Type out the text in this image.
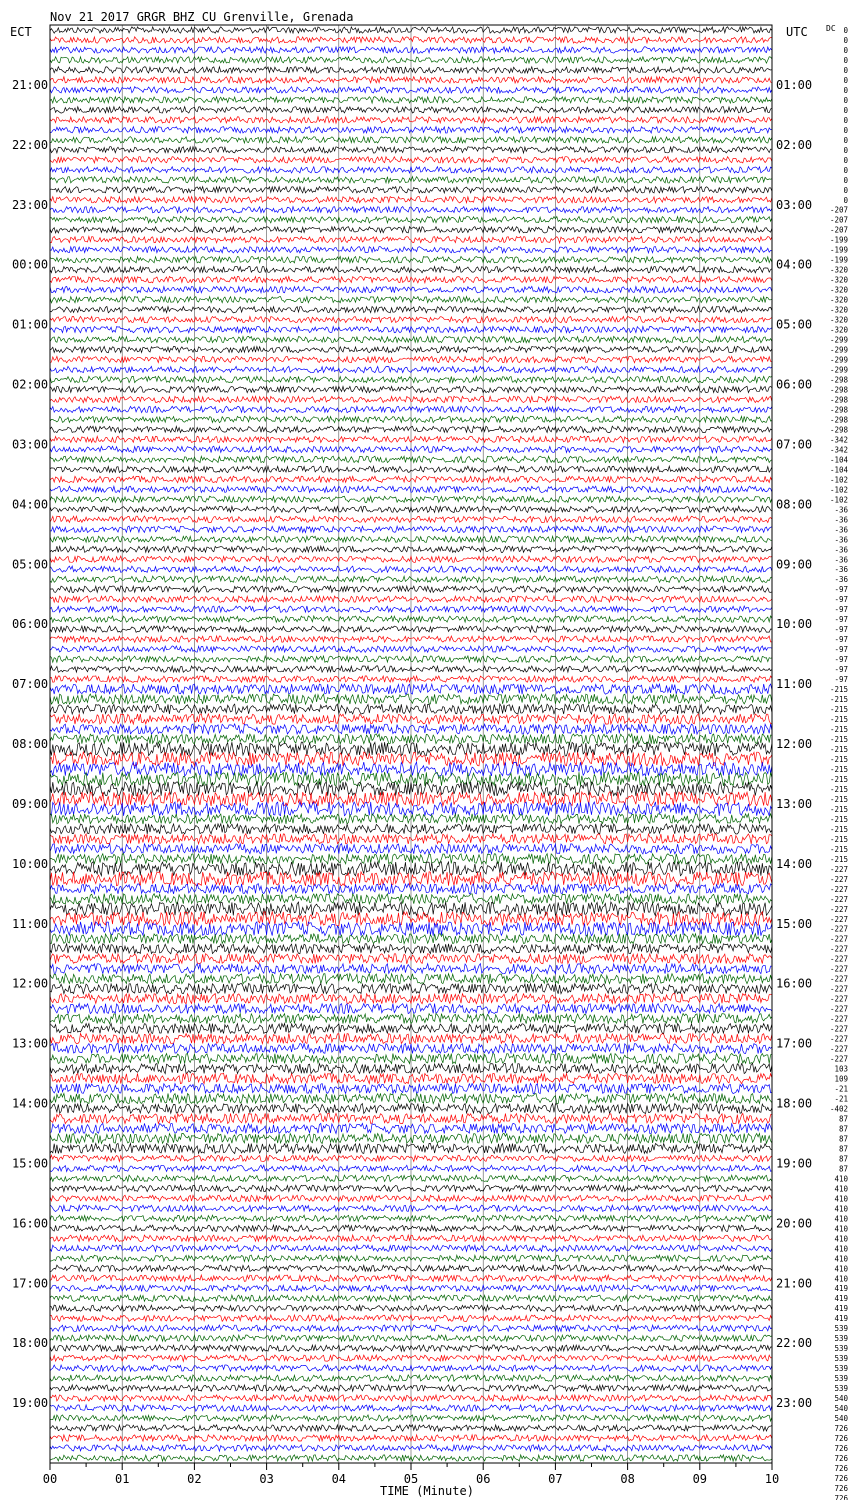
Nov 21 2017 GRGR BHZ CU Grenville, Grenada
ECT	UTC DC
21:00
22:00
23:00
00:00
01:00
02:00
03:00
04:00
05:00
06:00
07:00
08:00
09:00
10:00
11:00
12:00
13:00
14:00
15:00
16:00
17:00
18:00
19:00
01:00
02:00
03:00
04:00
05:00
06:00
07:00
08:00
09:00
10:00
11:00
12:00
13:00
14:00
15:00
16:00
17:00
18:00
19:00
20:00
21:00
22:00
23:00
0
0
0
0
0
0
0
0
0
0
0
0
0
0
0
0
0
0
-207
-207
-207
-199
-199
-199
-320
-320
-320
-320
-320
-320
-320
-299
-299
-299
-299
-298
-298
-298
-298
-298
-298
-342
-342
-104
-104
-102
-102
-102
-36
-36
-36
-36
-36
-36
-36
-36
-97
-97
-97
-97
-97
-97
-97
-97
-97
-97
-215
-215
-215
-215
-215
-215
-215
-215
-215
-215
-215
-215
-215
-215
-215
-215
-215
-215
-227
-227
-227
-227
-227
-227
-227
-227
-227
-227
-227
-227
-227
-227
-227
-227
-227
-227
-227
-227
103
109
-21
-21
-402
87
87
87
87
87
87
410
410
410
410
410
410
410
410
410
410
410
419
419
419
419
539
539
539
539
539
539
539
540
540
540
726
726
726
726
726
726
726
726
00	01	02	03	04	05	06	07	08	09	10
TIME (Minute)
